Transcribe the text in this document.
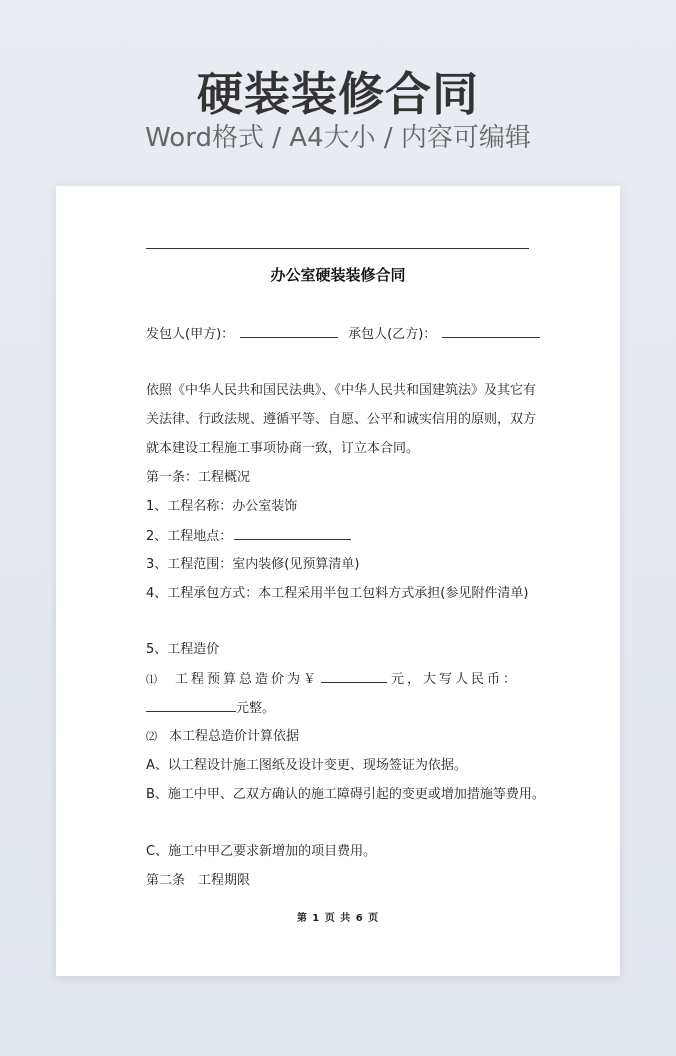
硬装装修合同
Word格式 / A4大小 / 内容可编辑
办公室硬装装修合同
发包人(甲方)：	承包人(乙方)：
依照《中华人民共和国民法典》、《中华人民共和国建筑法》及其它有
关法律、行政法规、遵循平等、自愿、公平和诚实信用的原则，双方
就本建设工程施工事项协商一致，订立本合同。
第一条：工程概况
1、工程名称：办公室装饰
2、工程地点：
3、工程范围：室内装修(见预算清单)
4、工程承包方式：本工程采用半包工包料方式承担(参见附件清单)
5、工程造价
⑴ 工程预算总造价为￥	元，大写人民币：
元整。
⑵ 本工程总造价计算依据
A、以工程设计施工图纸及设计变更、现场签证为依据。
B、施工中甲、乙双方确认的施工障碍引起的变更或增加措施等费用。
C、施工中甲乙要求新增加的项目费用。
第二条　工程期限
第 1 页 共 6 页
